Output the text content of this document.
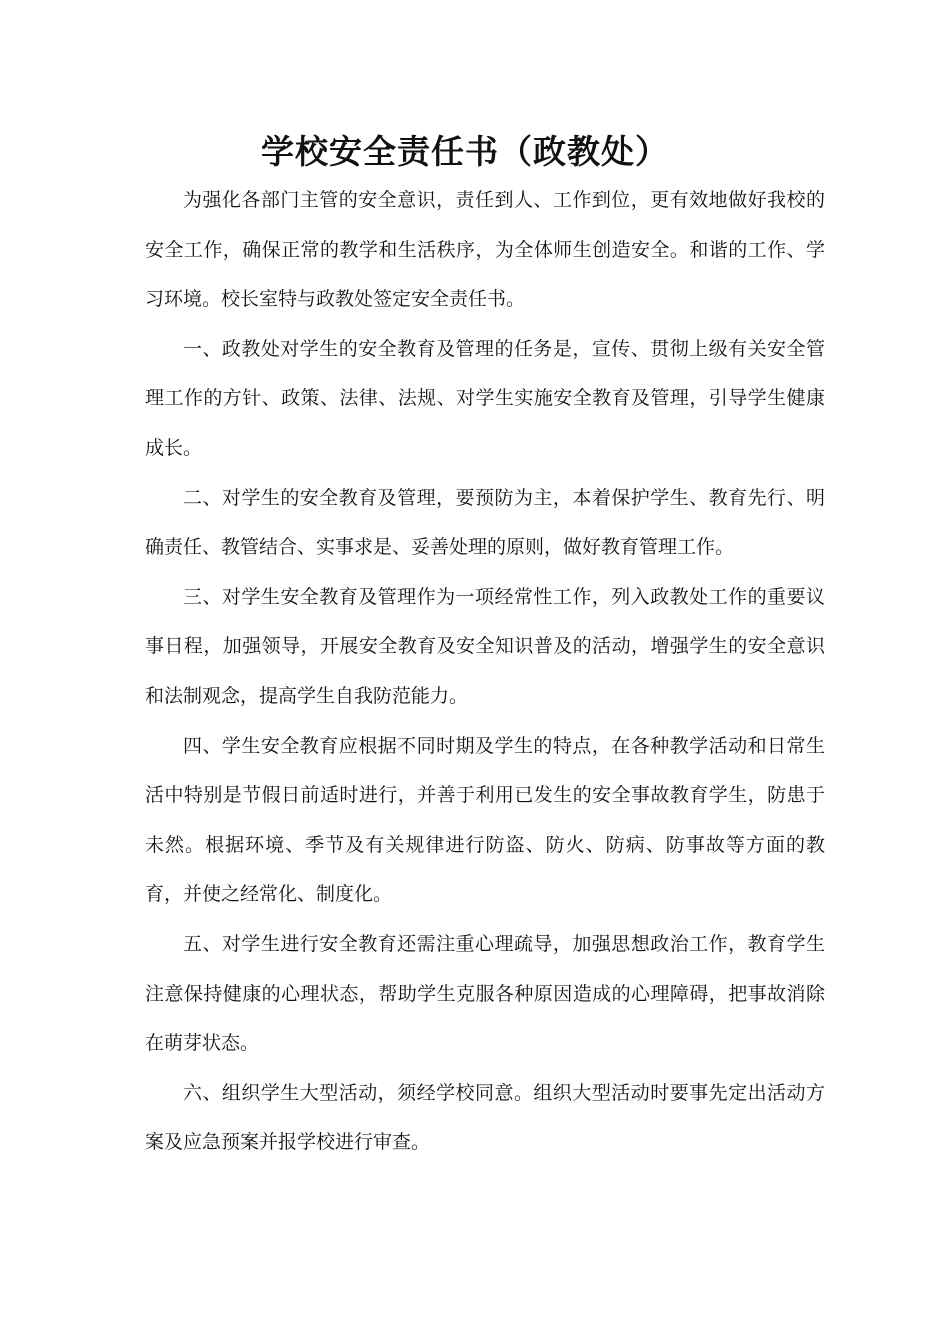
学校安全责任书（政教处）

为强化各部门主管的安全意识，责任到人、工作到位，更有效地做好我校的安全工作，确保正常的教学和生活秩序，为全体师生创造安全。和谐的工作、学习环境。校长室特与政教处签定安全责任书。

一、政教处对学生的安全教育及管理的任务是，宣传、贯彻上级有关安全管理工作的方针、政策、法律、法规、对学生实施安全教育及管理，引导学生健康成长。

二、对学生的安全教育及管理，要预防为主，本着保护学生、教育先行、明确责任、教管结合、实事求是、妥善处理的原则，做好教育管理工作。

三、对学生安全教育及管理作为一项经常性工作，列入政教处工作的重要议事日程，加强领导，开展安全教育及安全知识普及的活动，增强学生的安全意识和法制观念，提高学生自我防范能力。

四、学生安全教育应根据不同时期及学生的特点，在各种教学活动和日常生活中特别是节假日前适时进行，并善于利用已发生的安全事故教育学生，防患于未然。根据环境、季节及有关规律进行防盗、防火、防病、防事故等方面的教育，并使之经常化、制度化。

五、对学生进行安全教育还需注重心理疏导，加强思想政治工作，教育学生注意保持健康的心理状态，帮助学生克服各种原因造成的心理障碍，把事故消除在萌芽状态。

六、组织学生大型活动，须经学校同意。组织大型活动时要事先定出活动方案及应急预案并报学校进行审查。
